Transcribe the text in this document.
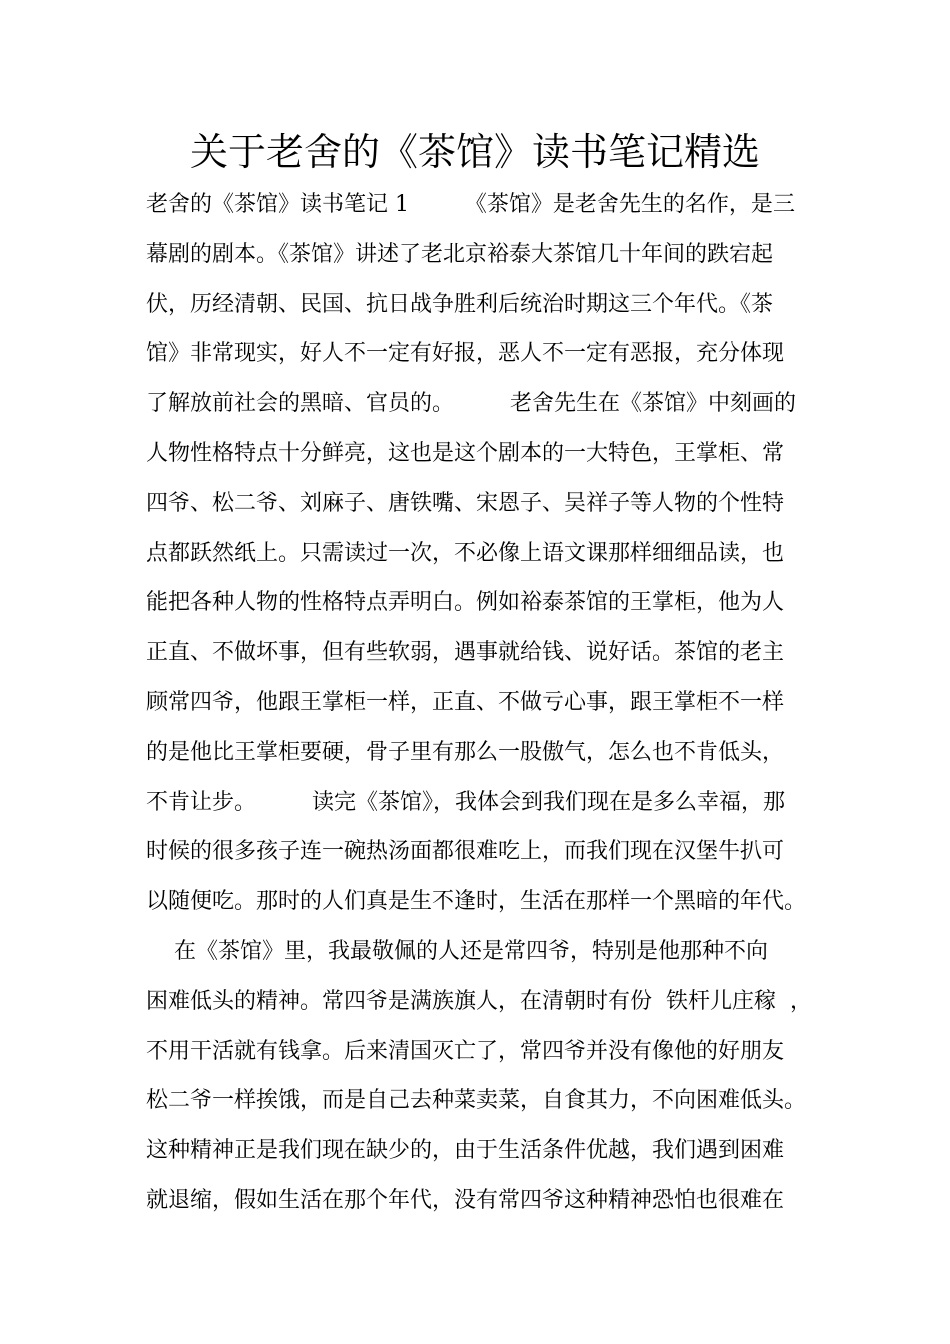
关于老舍的《茶馆》读书笔记精选
老舍的《茶馆》读书笔记 1        《茶馆》是老舍先生的名作，是三
幕剧的剧本。《茶馆》讲述了老北京裕泰大茶馆几十年间的跌宕起
伏，历经清朝、民国、抗日战争胜利后统治时期这三个年代。《茶
馆》非常现实，好人不一定有好报，恶人不一定有恶报，充分体现
了解放前社会的黑暗、官员的。        老舍先生在《茶馆》中刻画的
人物性格特点十分鲜亮，这也是这个剧本的一大特色，王掌柜、常
四爷、松二爷、刘麻子、唐铁嘴、宋恩子、吴祥子等人物的个性特
点都跃然纸上。只需读过一次，不必像上语文课那样细细品读，也
能把各种人物的性格特点弄明白。例如裕泰茶馆的王掌柜，他为人
正直、不做坏事，但有些软弱，遇事就给钱、说好话。茶馆的老主
顾常四爷，他跟王掌柜一样，正直、不做亏心事，跟王掌柜不一样
的是他比王掌柜要硬，骨子里有那么一股傲气，怎么也不肯低头，
不肯让步。        读完《茶馆》，我体会到我们现在是多么幸福，那
时候的很多孩子连一碗热汤面都很难吃上，而我们现在汉堡牛扒可
以随便吃。那时的人们真是生不逢时，生活在那样一个黑暗的年代。
在《茶馆》里，我最敬佩的人还是常四爷，特别是他那种不向
困难低头的精神。常四爷是满族旗人，在清朝时有份  铁杆儿庄稼  ，
不用干活就有钱拿。后来清国灭亡了，常四爷并没有像他的好朋友
松二爷一样挨饿，而是自己去种菜卖菜，自食其力，不向困难低头。
这种精神正是我们现在缺少的，由于生活条件优越，我们遇到困难
就退缩，假如生活在那个年代，没有常四爷这种精神恐怕也很难在
